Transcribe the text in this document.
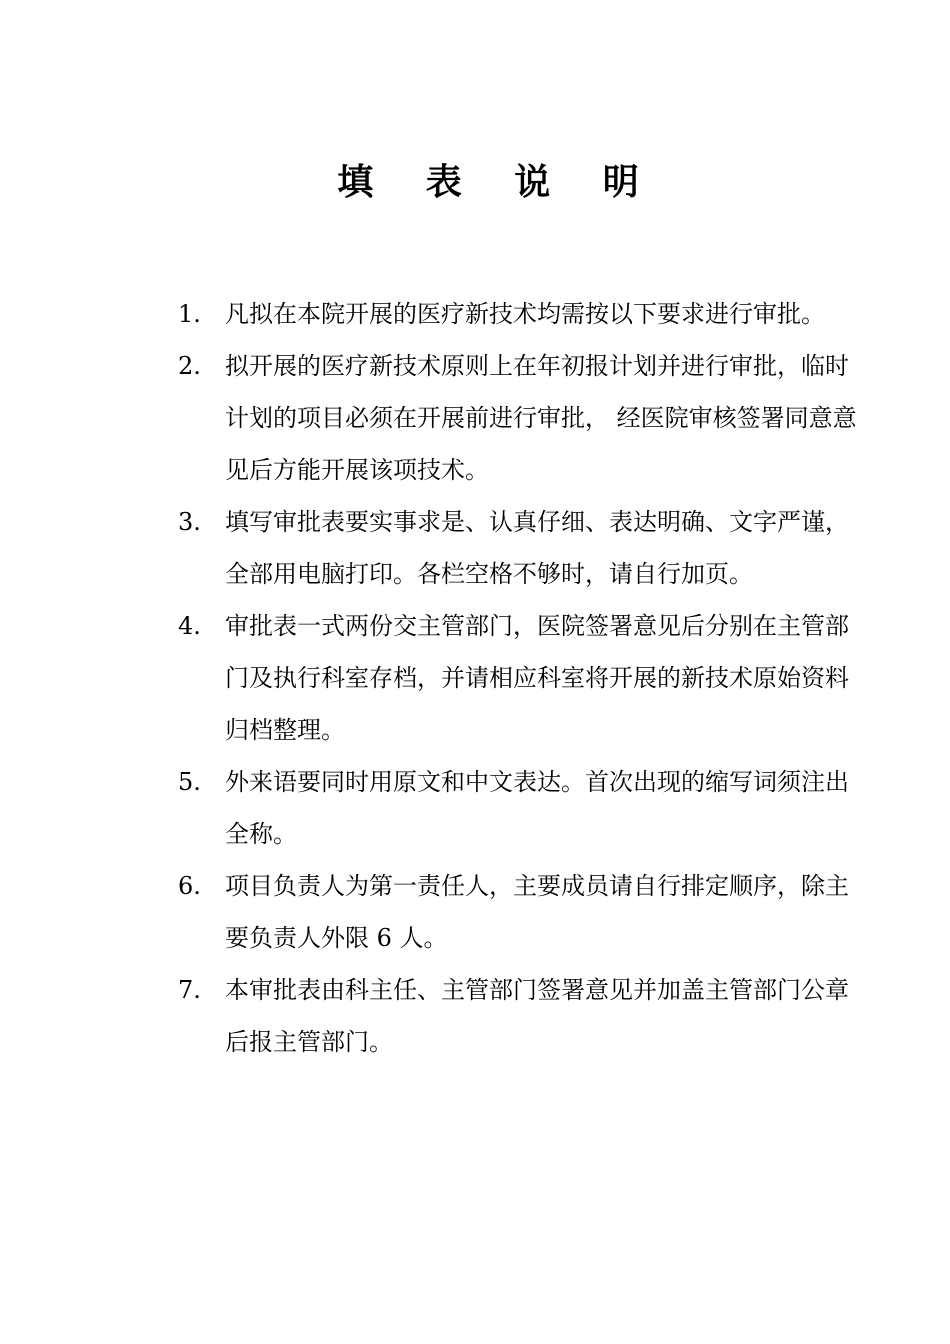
填 表 说 明
1.	凡拟在本院开展的医疗新技术均需按以下要求进行审批。
2.	拟开展的医疗新技术原则上在年初报计划并进行审批，临时计划的项目必须在开展前进行审批， 经医院审核签署同意意见后方能开展该项技术。
3.	填写审批表要实事求是、认真仔细、表达明确、文字严谨，全部用电脑打印。各栏空格不够时，请自行加页。
4.	审批表一式两份交主管部门，医院签署意见后分别在主管部门及执行科室存档，并请相应科室将开展的新技术原始资料归档整理。
5.	外来语要同时用原文和中文表达。首次出现的缩写词须注出全称。
6.	项目负责人为第一责任人，主要成员请自行排定顺序，除主要负责人外限 6 人。
7.	本审批表由科主任、主管部门签署意见并加盖主管部门公章后报主管部门。
